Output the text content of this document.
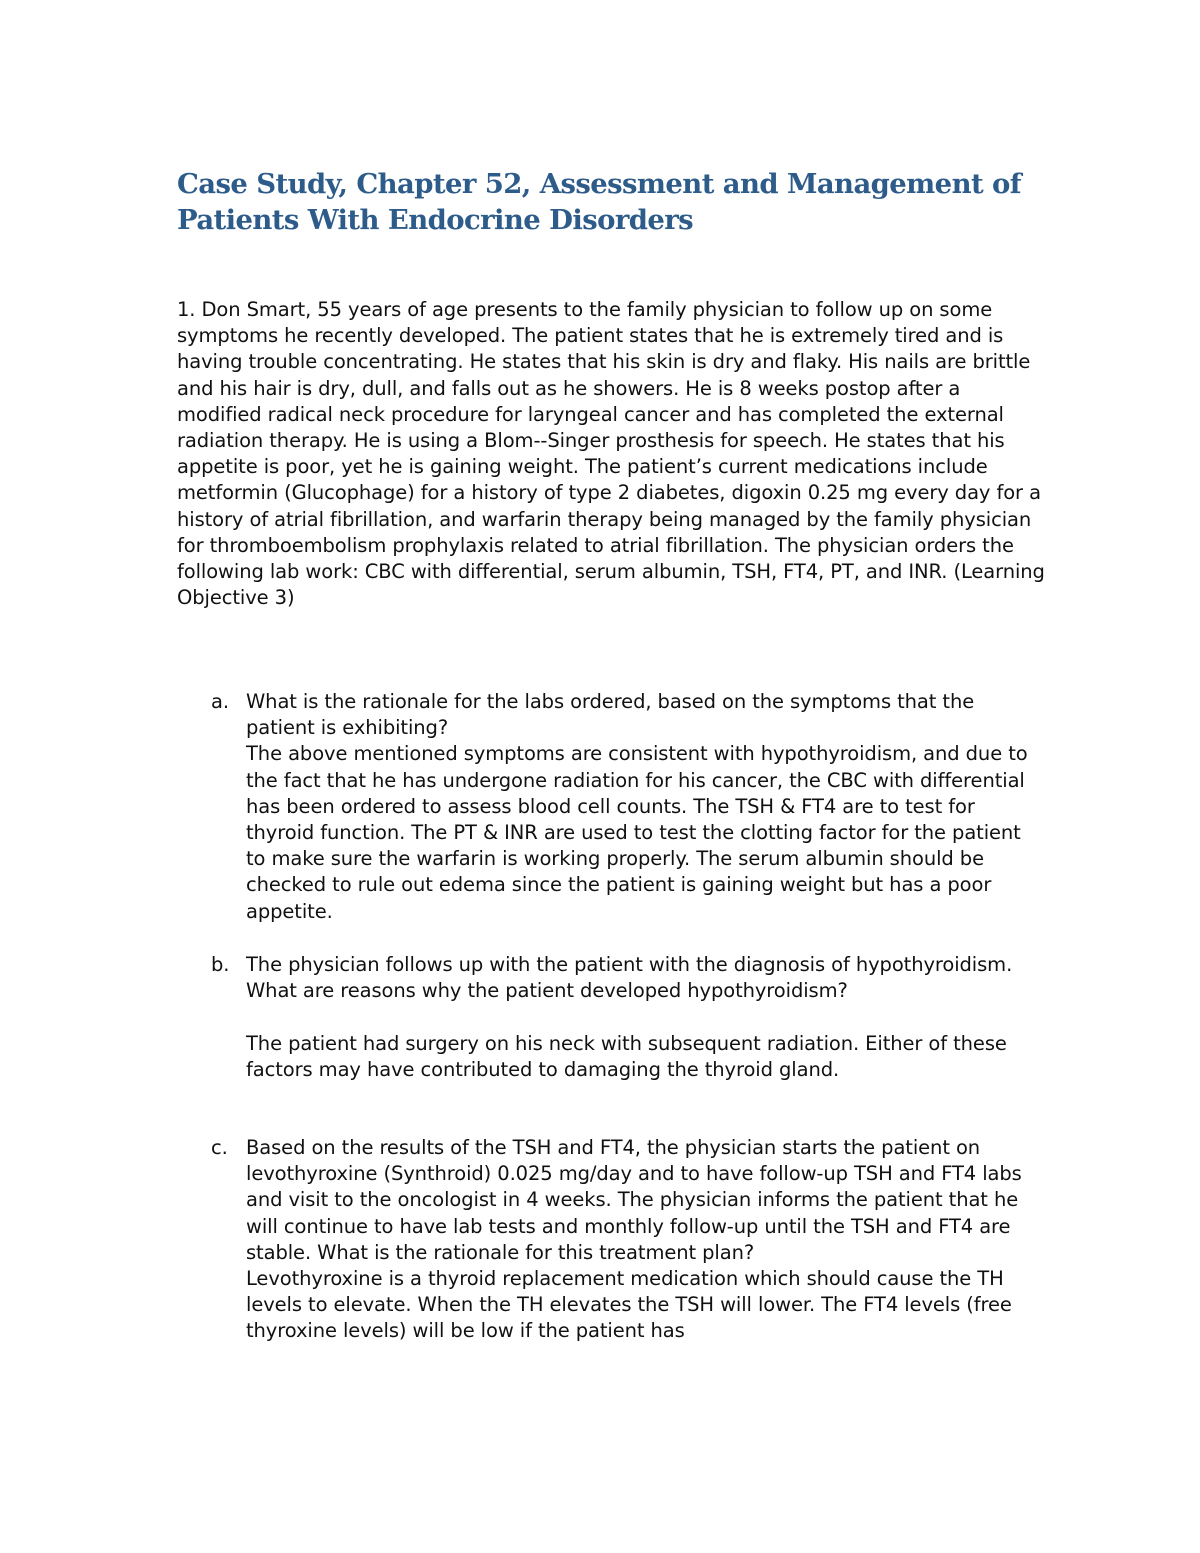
Case Study, Chapter 52, Assessment and Management of Patients With Endocrine Disorders

1. Don Smart, 55 years of age presents to the family physician to follow up on some symptoms he recently developed. The patient states that he is extremely tired and is having trouble concentrating. He states that his skin is dry and flaky. His nails are brittle and his hair is dry, dull, and falls out as he showers. He is 8 weeks postop after a modified radical neck procedure for laryngeal cancer and has completed the external radiation therapy. He is using a Blom--Singer prosthesis for speech. He states that his appetite is poor, yet he is gaining weight. The patient’s current medications include metformin (Glucophage) for a history of type 2 diabetes, digoxin 0.25 mg every day for a history of atrial fibrillation, and warfarin therapy being managed by the family physician for thromboembolism prophylaxis related to atrial fibrillation. The physician orders the following lab work: CBC with differential, serum albumin, TSH, FT4, PT, and INR. (Learning Objective 3)

a. What is the rationale for the labs ordered, based on the symptoms that the patient is exhibiting?

The above mentioned symptoms are consistent with hypothyroidism, and due to the fact that he has undergone radiation for his cancer, the CBC with differential has been ordered to assess blood cell counts. The TSH & FT4 are to test for thyroid function. The PT & INR are used to test the clotting factor for the patient to make sure the warfarin is working properly. The serum albumin should be checked to rule out edema since the patient is gaining weight but has a poor appetite.

b. The physician follows up with the patient with the diagnosis of hypothyroidism. What are reasons why the patient developed hypothyroidism?

The patient had surgery on his neck with subsequent radiation. Either of these factors may have contributed to damaging the thyroid gland.

c. Based on the results of the TSH and FT4, the physician starts the patient on levothyroxine (Synthroid) 0.025 mg/day and to have follow-up TSH and FT4 labs and visit to the oncologist in 4 weeks. The physician informs the patient that he will continue to have lab tests and monthly follow-up until the TSH and FT4 are stable. What is the rationale for this treatment plan?

Levothyroxine is a thyroid replacement medication which should cause the TH levels to elevate. When the TH elevates the TSH will lower. The FT4 levels (free thyroxine levels) will be low if the patient has
